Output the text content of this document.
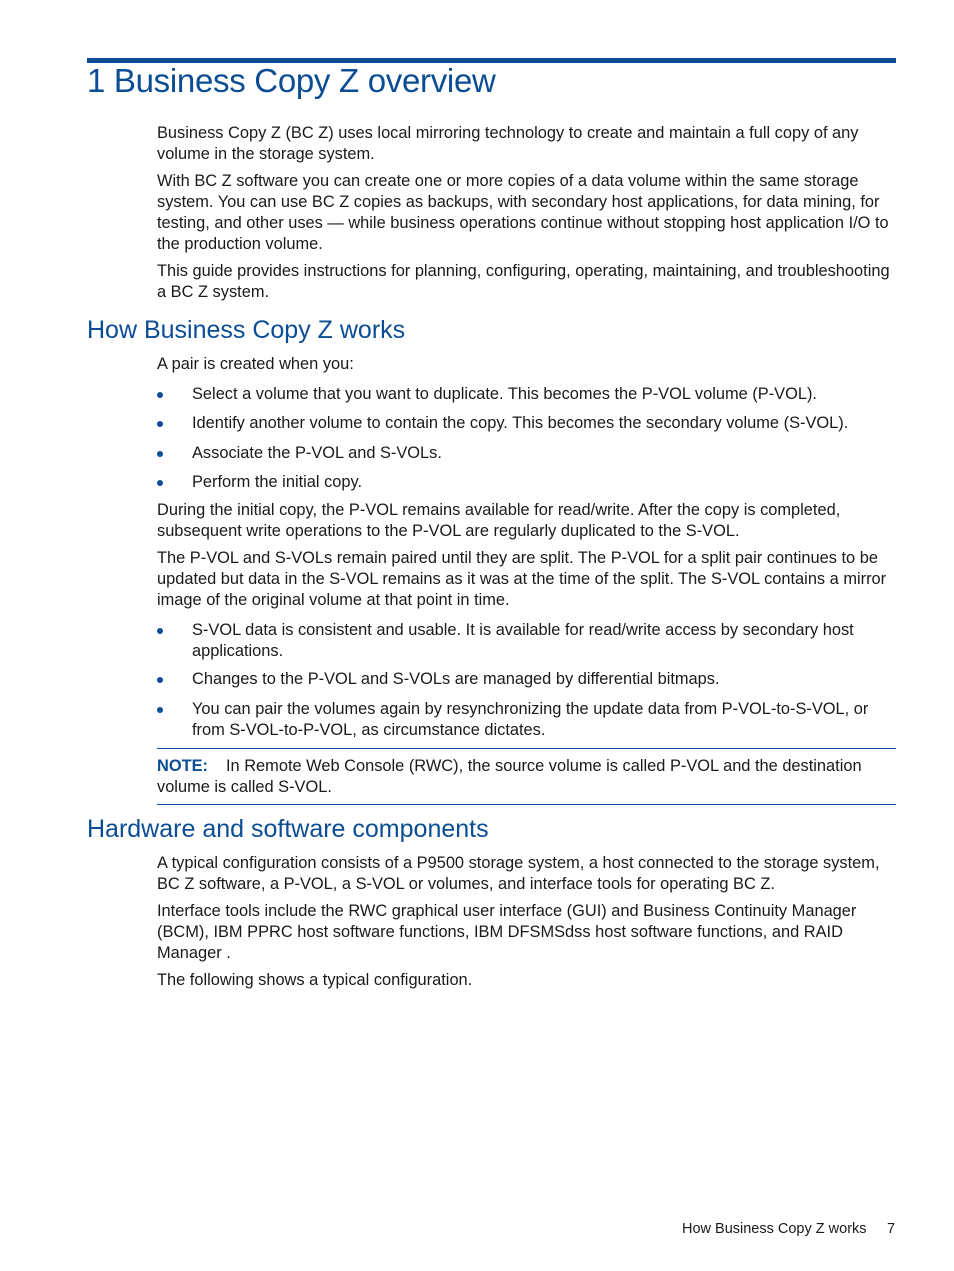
1 Business Copy Z overview

Business Copy Z (BC Z) uses local mirroring technology to create and maintain a full copy of any volume in the storage system.

With BC Z software you can create one or more copies of a data volume within the same storage system. You can use BC Z copies as backups, with secondary host applications, for data mining, for testing, and other uses — while business operations continue without stopping host application I/O to the production volume.

This guide provides instructions for planning, configuring, operating, maintaining, and troubleshooting a BC Z system.

How Business Copy Z works

A pair is created when you:

Select a volume that you want to duplicate. This becomes the P-VOL volume (P-VOL).
Identify another volume to contain the copy. This becomes the secondary volume (S-VOL).
Associate the P-VOL and S-VOLs.
Perform the initial copy.

During the initial copy, the P-VOL remains available for read/write. After the copy is completed, subsequent write operations to the P-VOL are regularly duplicated to the S-VOL.

The P-VOL and S-VOLs remain paired until they are split. The P-VOL for a split pair continues to be updated but data in the S-VOL remains as it was at the time of the split. The S-VOL contains a mirror image of the original volume at that point in time.

S-VOL data is consistent and usable. It is available for read/write access by secondary host applications.
Changes to the P-VOL and S-VOLs are managed by differential bitmaps.
You can pair the volumes again by resynchronizing the update data from P-VOL-to-S-VOL, or from S-VOL-to-P-VOL, as circumstance dictates.
NOTE: In Remote Web Console (RWC), the source volume is called P-VOL and the destination volume is called S-VOL.
Hardware and software components

A typical configuration consists of a P9500 storage system, a host connected to the storage system, BC Z software, a P-VOL, a S-VOL or volumes, and interface tools for operating BC Z.

Interface tools include the RWC graphical user interface (GUI) and Business Continuity Manager (BCM), IBM PPRC host software functions, IBM DFSMSdss host software functions, and RAID Manager .

The following shows a typical configuration.

How Business Copy Z works 7
